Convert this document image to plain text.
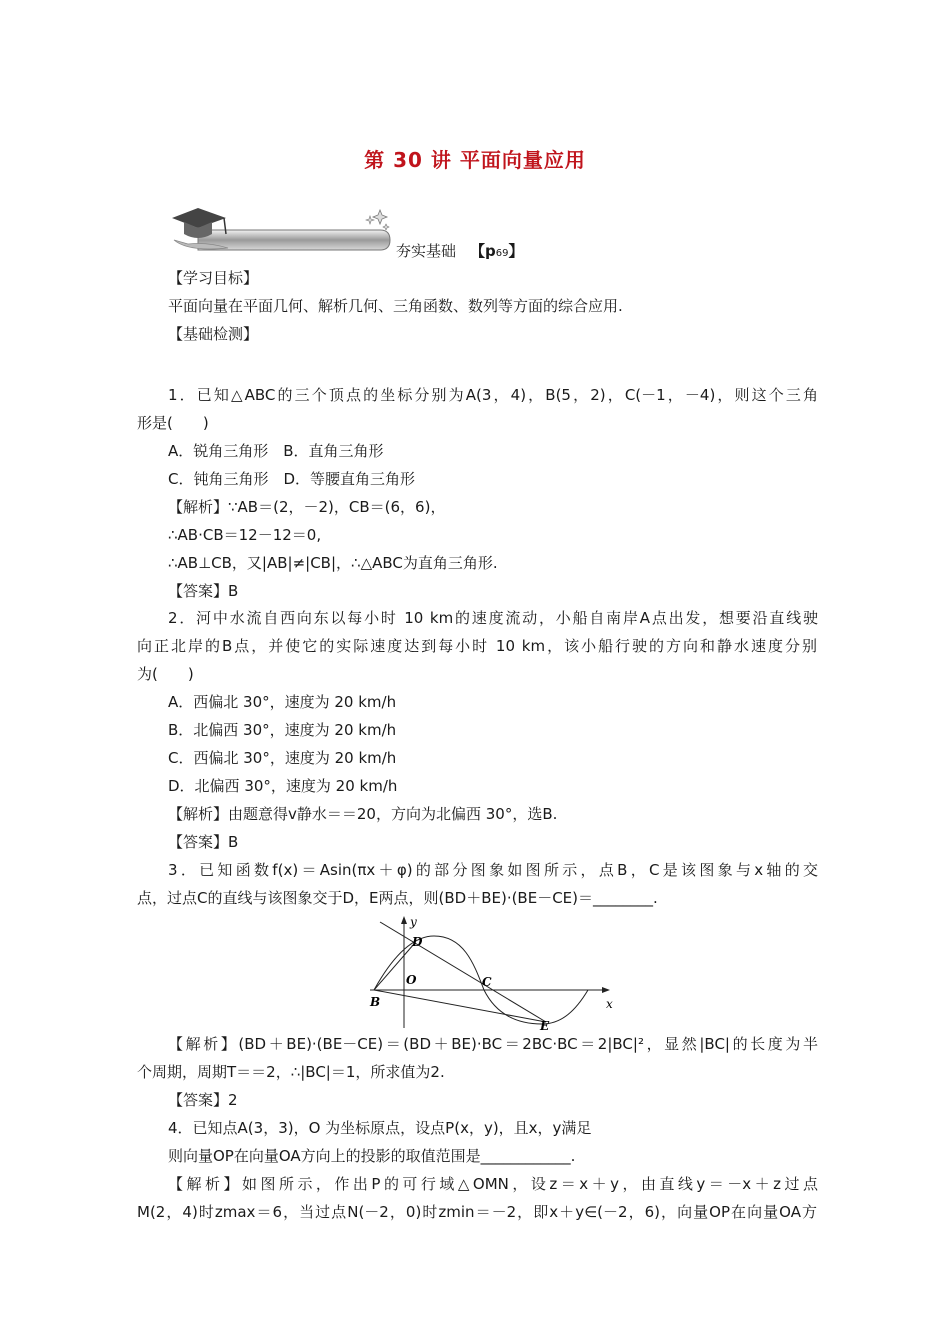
第 30 讲 平面向量应用
夯实基础 【p69】
【学习目标】
平面向量在平面几何、解析几何、三角函数、数列等方面的综合应用.
【基础检测】
1．已知△ABC的三个顶点的坐标分别为A(3，4)，B(5，2)，C(－1，－4)，则这个三角
形是(　　)
A．锐角三角形　B．直角三角形
C．钝角三角形　D．等腰直角三角形
【解析】∵AB＝(2，－2)，CB＝(6，6)，
∴AB·CB＝12－12＝0,
∴AB⊥CB，又|AB|≠|CB|，∴△ABC为直角三角形.
【答案】B
2．河中水流自西向东以每小时 10 km的速度流动，小船自南岸A点出发，想要沿直线驶
向正北岸的B点，并使它的实际速度达到每小时 10 km，该小船行驶的方向和静水速度分别
为(　　)
A．西偏北 30°，速度为 20 km/h
B．北偏西 30°，速度为 20 km/h
C．西偏北 30°，速度为 20 km/h
D．北偏西 30°，速度为 20 km/h
【解析】由题意得v静水＝＝20，方向为北偏西 30°，选B.
【答案】B
3．已知函数f(x)＝Asin(πx＋φ)的部分图象如图所示，点B，C是该图象与x轴的交
点，过点C的直线与该图象交于D，E两点，则(BD＋BE)·(BE－CE)＝________.
y
x
D
O	C
B
E
【解析】(BD＋BE)·(BE－CE)＝(BD＋BE)·BC＝2BC·BC＝2|BC|²，显然|BC|的长度为半
个周期，周期T＝＝2，∴|BC|＝1，所求值为2.
【答案】2
4．已知点A(3，3)，O 为坐标原点，设点P(x，y)，且x，y满足
则向量OP在向量OA方向上的投影的取值范围是____________.
【解析】如图所示，作出P的可行域△OMN，设z＝x＋y，由直线y＝－x＋z过点
M(2，4)时zmax＝6，当过点N(－2，0)时zmin＝－2，即x＋y∈(－2，6)，向量OP在向量OA方
